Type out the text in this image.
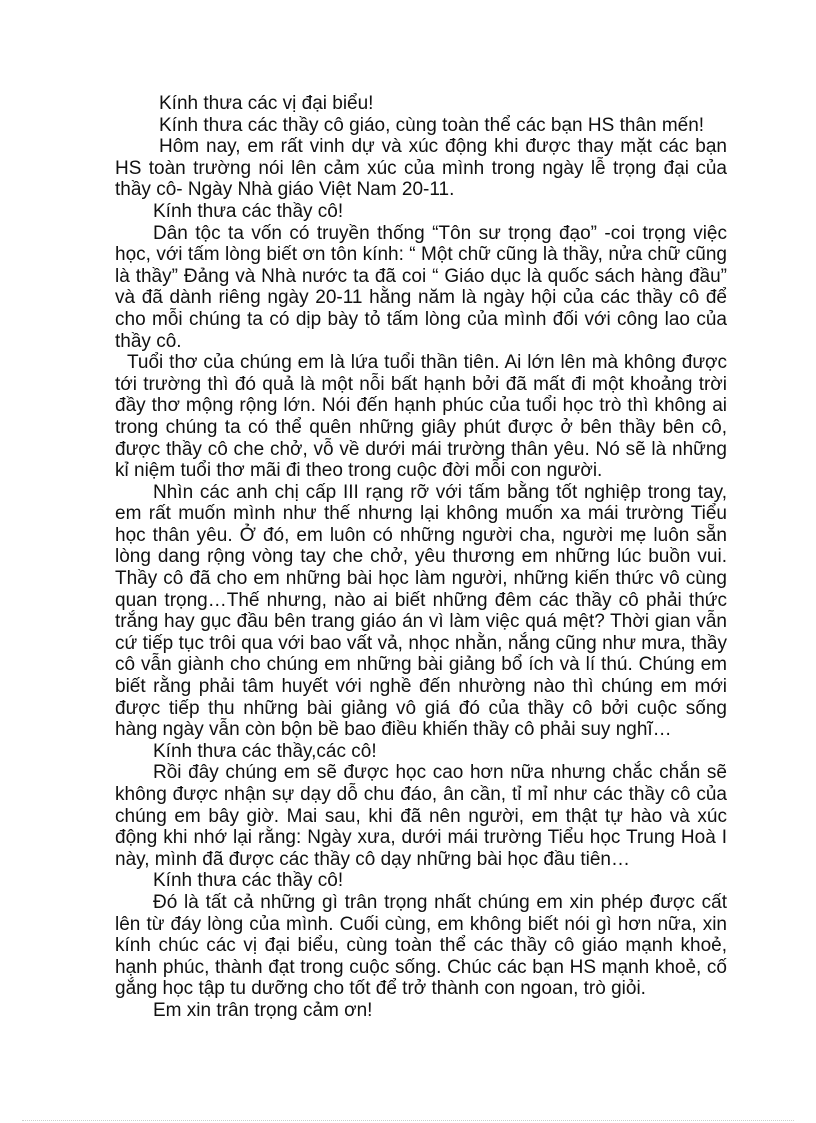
Kính thưa các vị đại biểu!

Kính thưa các thầy cô giáo, cùng toàn thể các bạn HS thân mến!

Hôm nay, em rất vinh dự và xúc động khi được thay mặt các bạn HS toàn trường nói lên cảm xúc của mình trong ngày lễ trọng đại của thầy cô- Ngày Nhà giáo Việt Nam 20-11.

Kính thưa các thầy cô!

Dân tộc ta vốn có truyền thống “Tôn sư trọng đạo” -coi trọng việc học, với tấm lòng biết ơn tôn kính: “ Một chữ cũng là thầy, nửa chữ cũng là thầy” Đảng và Nhà nước ta đã coi “ Giáo dục là quốc sách hàng đầu” và đã dành riêng ngày 20-11 hằng năm là ngày hội của các thầy cô để cho mỗi chúng ta có dịp bày tỏ tấm lòng của mình đối với công lao của thầy cô.

Tuổi thơ của chúng em là lứa tuổi thần tiên. Ai lớn lên mà không được tới trường thì đó quả là một nỗi bất hạnh bởi đã mất đi một khoảng trời đầy thơ mộng rộng lớn. Nói đến hạnh phúc của tuổi học trò thì không ai trong chúng ta có thể quên những giây phút được ở bên thầy bên cô, được thầy cô che chở, vỗ về dưới mái trường thân yêu. Nó sẽ là những kỉ niệm tuổi thơ mãi đi theo trong cuộc đời mỗi con người.

Nhìn các anh chị cấp III rạng rỡ với tấm bằng tốt nghiệp trong tay, em rất muốn mình như thế nhưng lại không muốn xa mái trường Tiểu học thân yêu. Ở đó, em luôn có những người cha, người mẹ luôn sẵn lòng dang rộng vòng tay che chở, yêu thương em những lúc buồn vui. Thầy cô đã cho em những bài học làm người, những kiến thức vô cùng quan trọng…Thế nhưng, nào ai biết những đêm các thầy cô phải thức trắng hay gục đầu bên trang giáo án vì làm việc quá mệt? Thời gian vẫn cứ tiếp tục trôi qua với bao vất vả, nhọc nhằn, nắng cũng như mưa, thầy cô vẫn giành cho chúng em những bài giảng bổ ích và lí thú. Chúng em biết rằng phải tâm huyết với nghề đến nhường nào thì chúng em mới được tiếp thu những bài giảng vô giá đó của thầy cô bởi cuộc sống hàng ngày vẫn còn bộn bề bao điều khiến thầy cô phải suy nghĩ…

Kính thưa các thầy,các cô!

Rồi đây chúng em sẽ được học cao hơn nữa nhưng chắc chắn sẽ không được nhận sự dạy dỗ chu đáo, ân cần, tỉ mỉ như các thầy cô của chúng em bây giờ. Mai sau, khi đã nên người, em thật tự hào và xúc động khi nhớ lại rằng: Ngày xưa, dưới mái trường Tiểu học Trung Hoà I này, mình đã được các thầy cô dạy những bài học đầu tiên…

Kính thưa các thầy cô!

Đó là tất cả những gì trân trọng nhất chúng em xin phép được cất lên từ đáy lòng của mình. Cuối cùng, em không biết nói gì hơn nữa, xin kính chúc các vị đại biểu, cùng toàn thể các thầy cô giáo mạnh khoẻ, hạnh phúc, thành đạt trong cuộc sống. Chúc các bạn HS mạnh khoẻ, cố gắng học tập tu dưỡng cho tốt để trở thành con ngoan, trò giỏi.

Em xin trân trọng cảm ơn!
